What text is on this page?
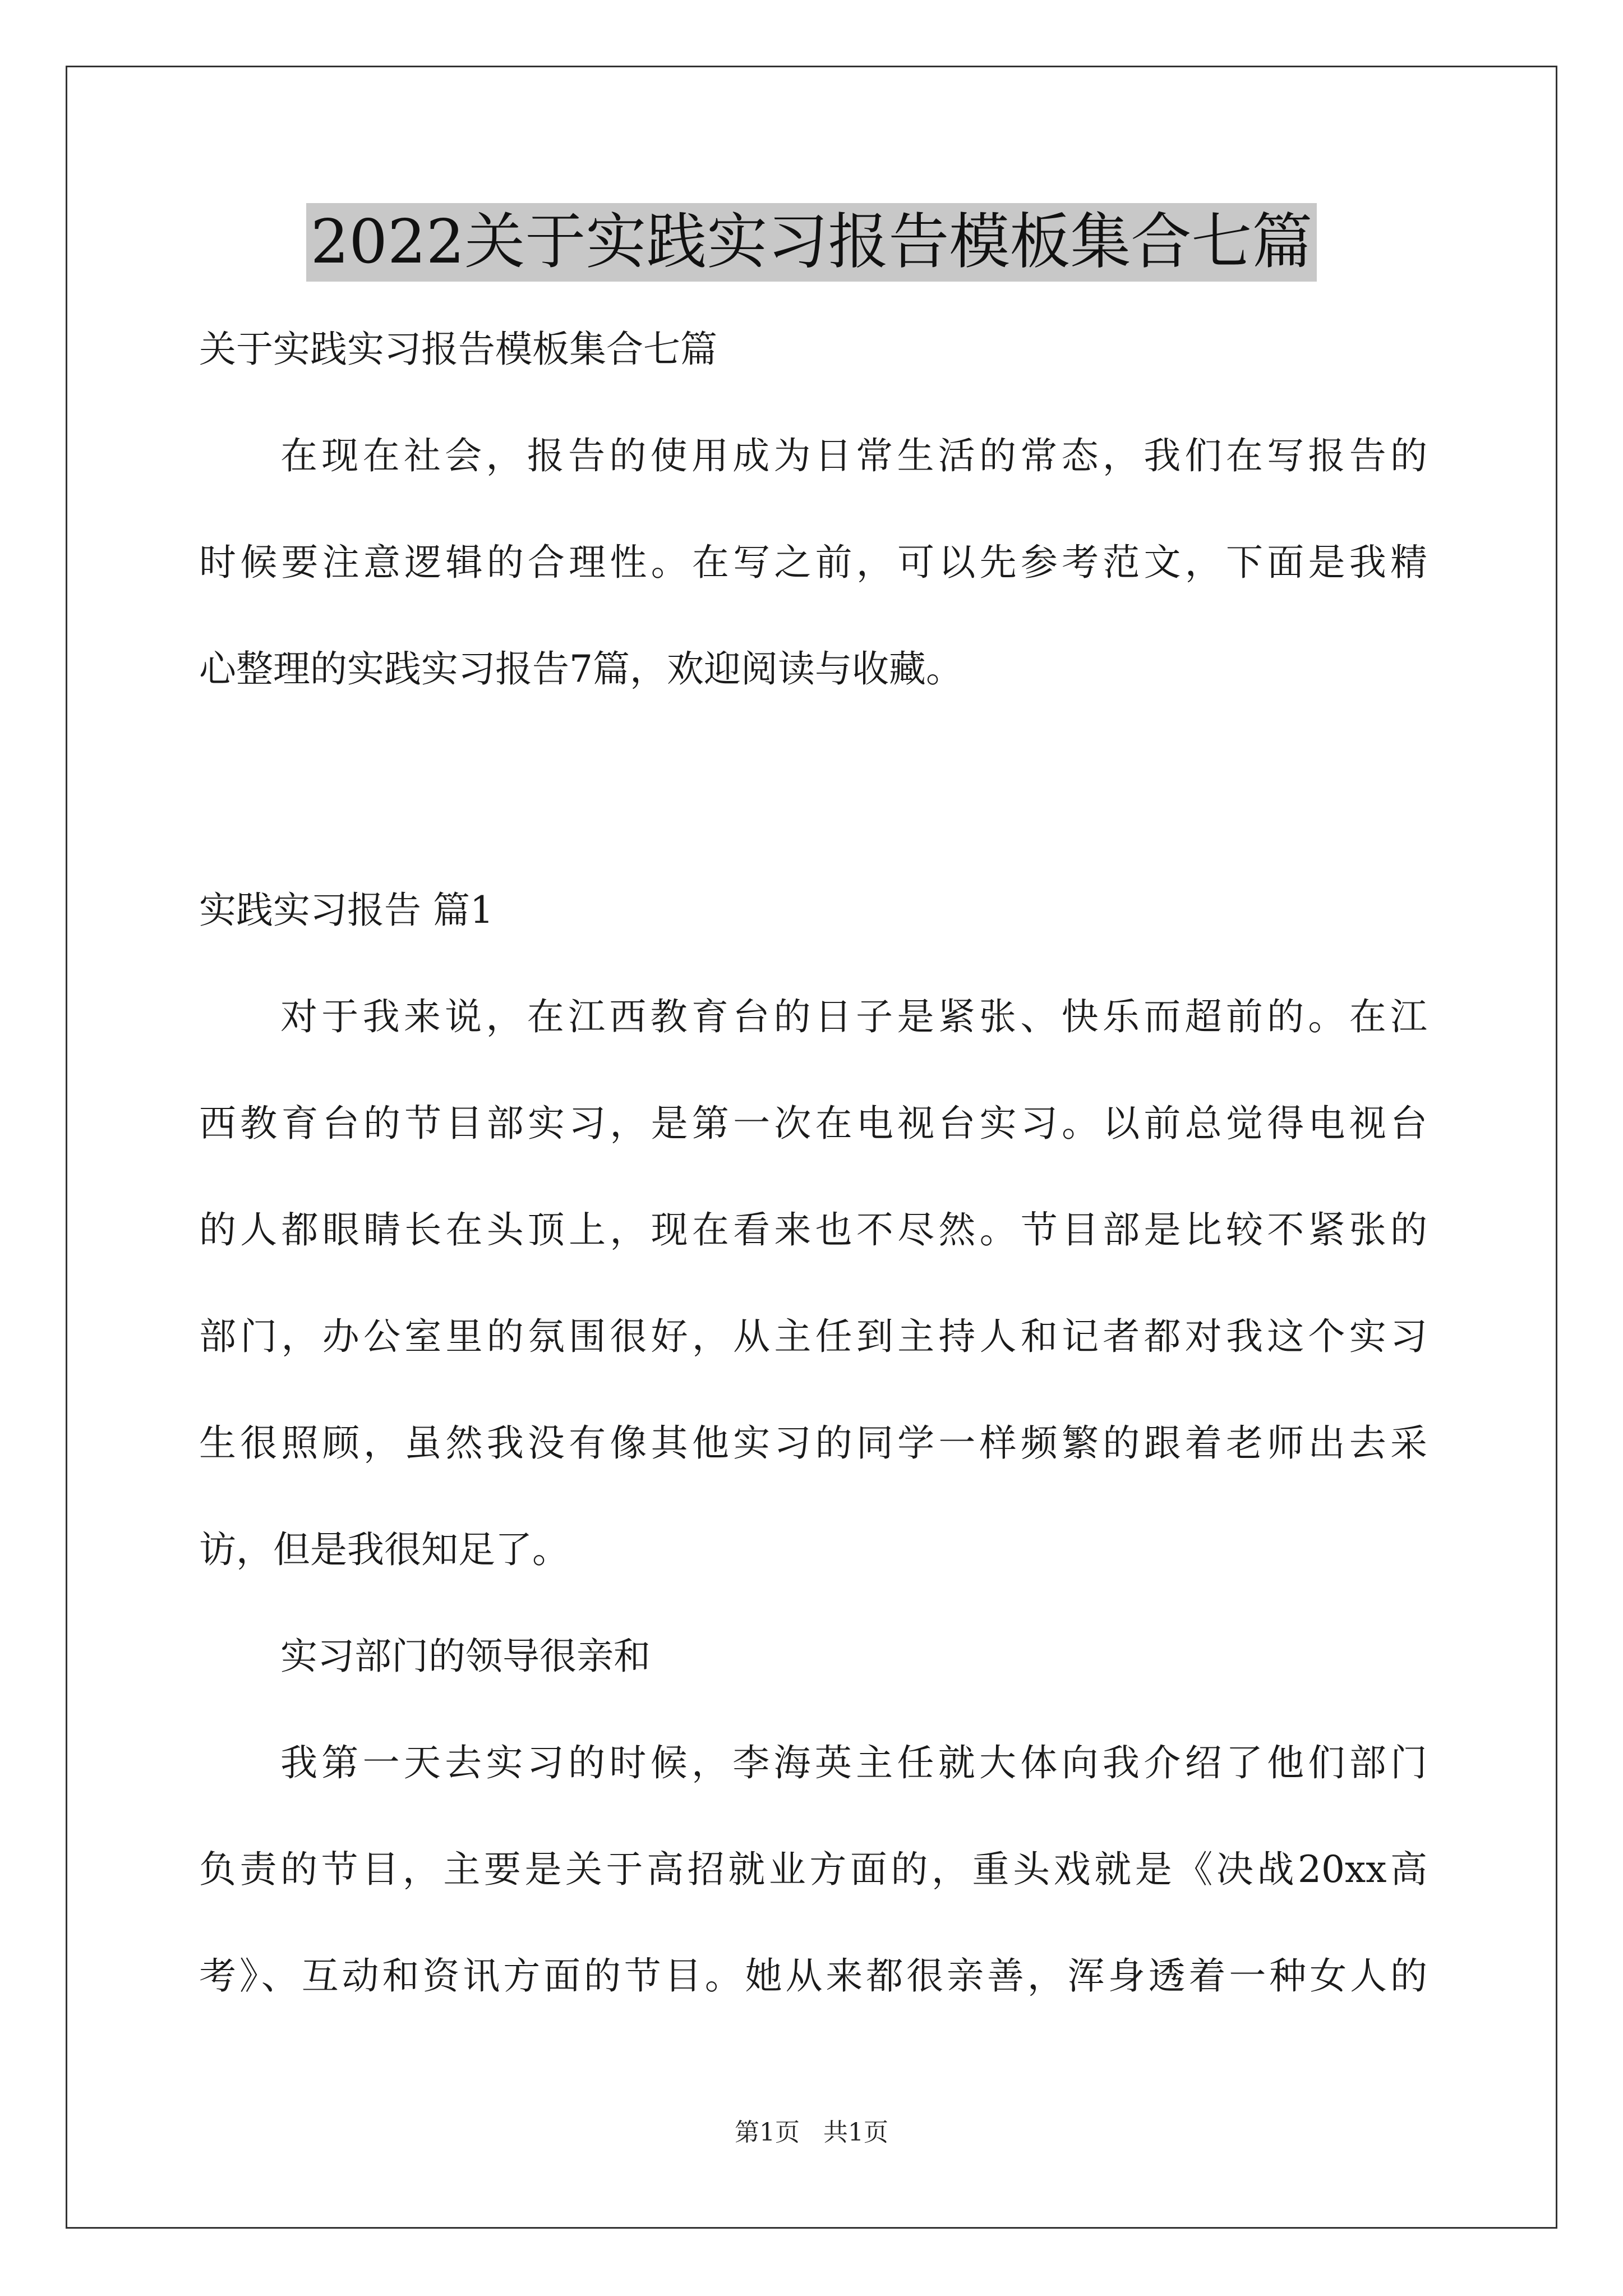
2022关于实践实习报告模板集合七篇
关于实践实习报告模板集合七篇
在现在社会，报告的使用成为日常生活的常态，我们在写报告的
时候要注意逻辑的合理性。在写之前，可以先参考范文，下面是我精
心整理的实践实习报告7篇，欢迎阅读与收藏。
实践实习报告 篇1
对于我来说，在江西教育台的日子是紧张、快乐而超前的。在江
西教育台的节目部实习，是第一次在电视台实习。以前总觉得电视台
的人都眼睛长在头顶上，现在看来也不尽然。节目部是比较不紧张的
部门，办公室里的氛围很好，从主任到主持人和记者都对我这个实习
生很照顾，虽然我没有像其他实习的同学一样频繁的跟着老师出去采
访，但是我很知足了。
实习部门的领导很亲和
我第一天去实习的时候，李海英主任就大体向我介绍了他们部门
负责的节目，主要是关于高招就业方面的，重头戏就是《决战20xx高
考》、互动和资讯方面的节目。她从来都很亲善，浑身透着一种女人的
第1页 共1页
